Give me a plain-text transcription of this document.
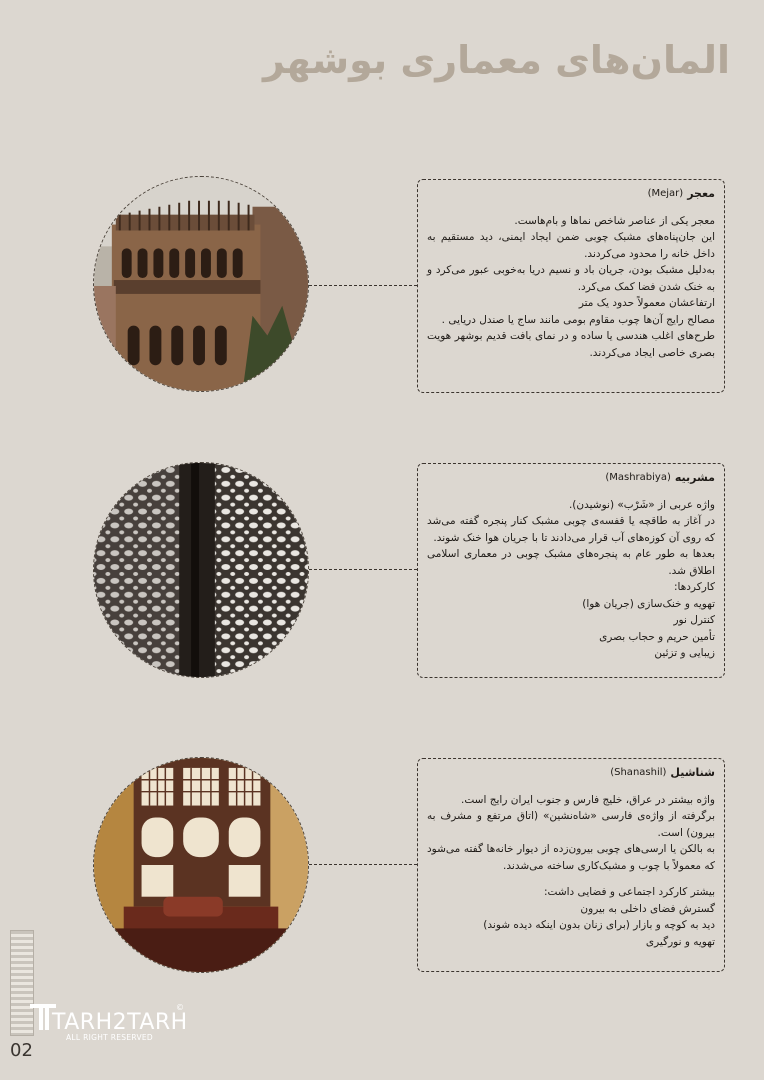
المان‌های معماری بوشهر
معجر
(Mejar)

معجر یکی از عناصر شاخص نماها و بام‌هاست.

این جان‌پناه‌های مشبک چوبی ضمن ایجاد ایمنی، دید مستقیم به داخل خانه را محدود می‌کردند.

به‌دلیل مشبک بودن، جریان باد و نسیم دریا به‌خوبی عبور می‌کرد و به خنک شدن فضا کمک می‌کرد.

ارتفاعشان معمولاً حدود یک متر

مصالح رایج آن‌ها چوب مقاوم بومی مانند ساج یا صندل دریایی .

طرح‌های اغلب هندسی یا ساده و در نمای بافت قدیم بوشهر هویت بصری خاصی ایجاد می‌کردند.

مشربیه
(Mashrabiya)

واژه عربی از «شَرْب» (نوشیدن).

در آغاز به طاقچه یا قفسه‌ی چوبی مشبک کنار پنجره گفته می‌شد که روی آن کوزه‌های آب قرار می‌دادند تا با جریان هوا خنک شوند.

بعدها به طور عام به پنجره‌های مشبک چوبی در معماری اسلامی اطلاق شد.

کارکردها:

تهویه و خنک‌سازی (جریان هوا)

کنترل نور

تأمین حریم و حجاب بصری

زیبایی و تزئین

شناشیل
(Shanashil)

واژه بیشتر در عراق، خلیج فارس و جنوب ایران رایج است.

برگرفته از واژه‌ی فارسی «شاه‌نشین» (اتاق مرتفع و مشرف به بیرون) است.

به بالکن یا ارسی‌های چوبی بیرون‌زده از دیوار خانه‌ها گفته می‌شود که معمولاً با چوب و مشبک‌کاری ساخته می‌شدند.

بیشتر کارکرد اجتماعی و فضایی داشت:

گسترش فضای داخلی به بیرون

دید به کوچه و بازار (برای زنان بدون اینکه دیده شوند)

تهویه و نورگیری

TARH2TARH
©
ALL RIGHT RESERVED
02
